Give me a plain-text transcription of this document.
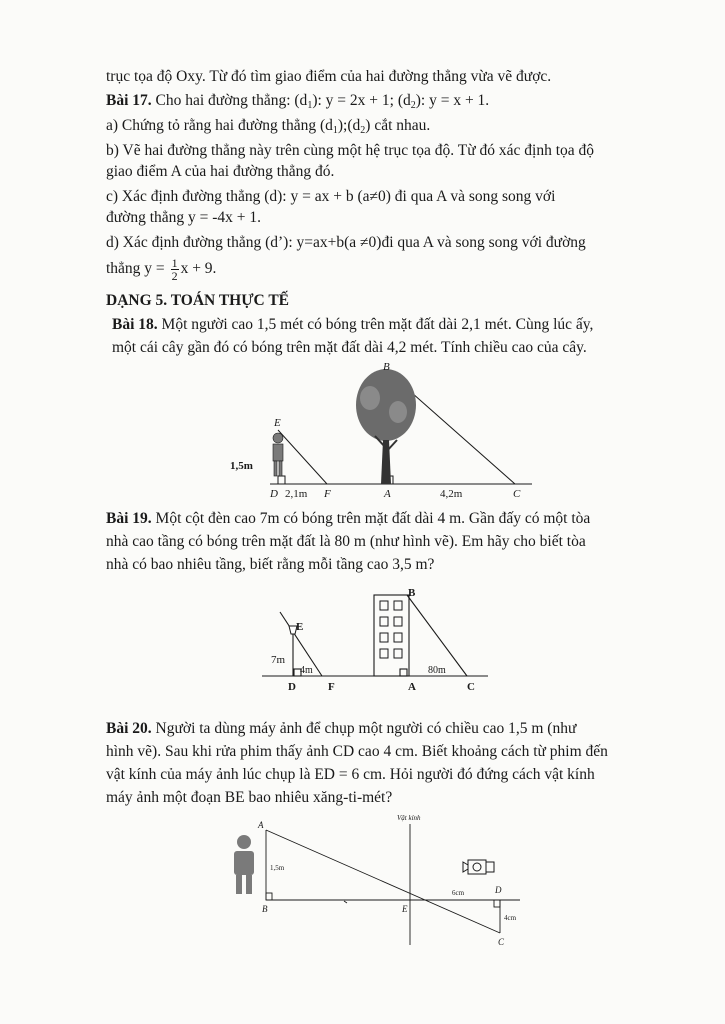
trục tọa độ Oxy. Từ đó tìm giao điểm của hai đường thẳng vừa vẽ được.
Bài 17. Cho hai đường thẳng: $(d_1)$: y = 2x + 1; $(d_2)$: y = x + 1.
a) Chứng tỏ rằng hai đường thẳng $(d_1);(d_2)$ cắt nhau.
b) Vẽ hai đường thẳng này trên cùng một hệ trục tọa độ. Từ đó xác định tọa độ
giao điểm A của hai đường thẳng đó.
c) Xác định đường thẳng (d): y = ax + b (a≠0) đi qua A và song song với
đường thẳng y = -4x + 1.
d) Xác định đường thẳng (d’): y=ax+b(a ≠0)đi qua A và song song với đường
thẳng $y = \frac{1}{2}$ x + 9.
DẠNG 5. TOÁN THỰC TẾ
Bài 18. Một người cao 1,5 mét có bóng trên mặt đất dài 2,1 mét. Cùng lúc ấy,
một cái cây gần đó có bóng trên mặt đất dài 4,2 mét. Tính chiều cao của cây.
B
E
1,5m
D 2,1m F	A	4,2m	C
Bài 19. Một cột đèn cao 7m có bóng trên mặt đất dài 4 m. Gần đấy có một tòa
nhà cao tầng có bóng trên mặt đất là 80 m (như hình vẽ). Em hãy cho biết tòa
nhà có bao nhiêu tầng, biết rằng mỗi tầng cao 3,5 m?
E
B
7m
4m	80m
D	F	A	C
Bài 20. Người ta dùng máy ảnh để chụp một người có chiều cao 1,5 m (như
hình vẽ). Sau khi rửa phim thấy ảnh CD cao 4 cm. Biết khoảng cách từ phim đến
vật kính của máy ảnh lúc chụp là ED = 6 cm. Hỏi người đó đứng cách vật kính
máy ảnh một đoạn BE bao nhiêu xăng-ti-mét?
A
1,5m
B
Vật kính
E
6cm	D
4cm
C
